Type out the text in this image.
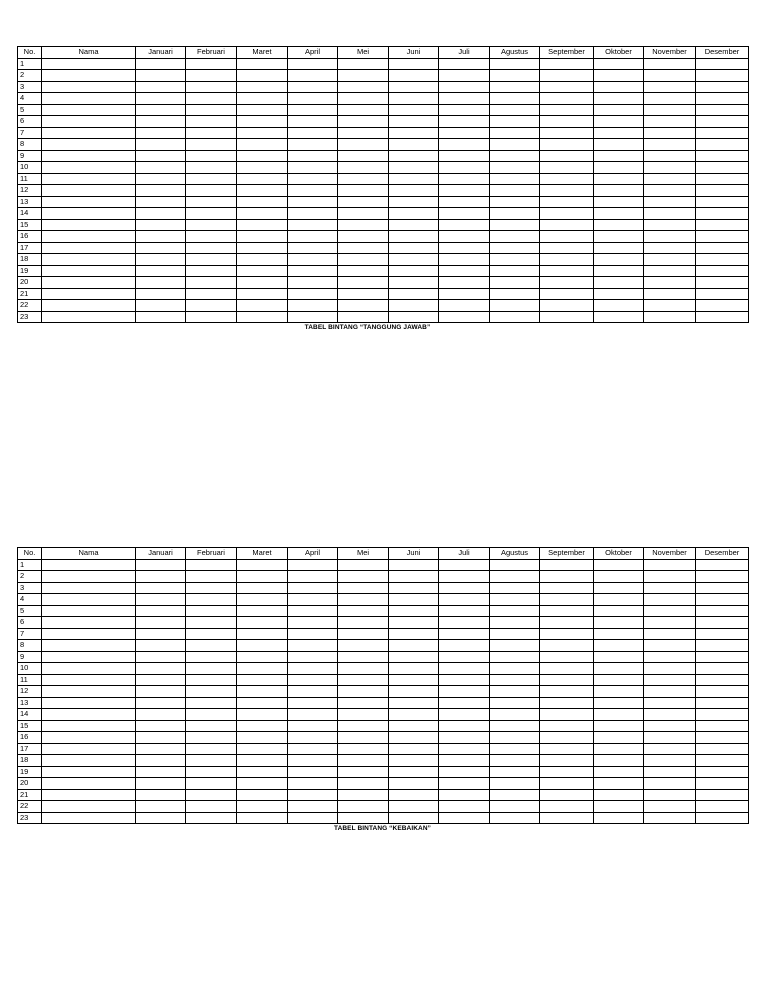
No.	Nama	Januari	Februari	Maret	April	Mei	Juni	Juli	Agustus	September	Oktober	November	Desember
1													
2													
3													
4													
5													
6													
7													
8													
9													
10													
11													
12													
13													
14													
15													
16													
17													
18													
19													
20													
21													
22													
23													
TABEL BINTANG “TANGGUNG JAWAB”
No.	Nama	Januari	Februari	Maret	April	Mei	Juni	Juli	Agustus	September	Oktober	November	Desember
1													
2													
3													
4													
5													
6													
7													
8													
9													
10													
11													
12													
13													
14													
15													
16													
17													
18													
19													
20													
21													
22													
23													
TABEL BINTANG “KEBAIKAN”
